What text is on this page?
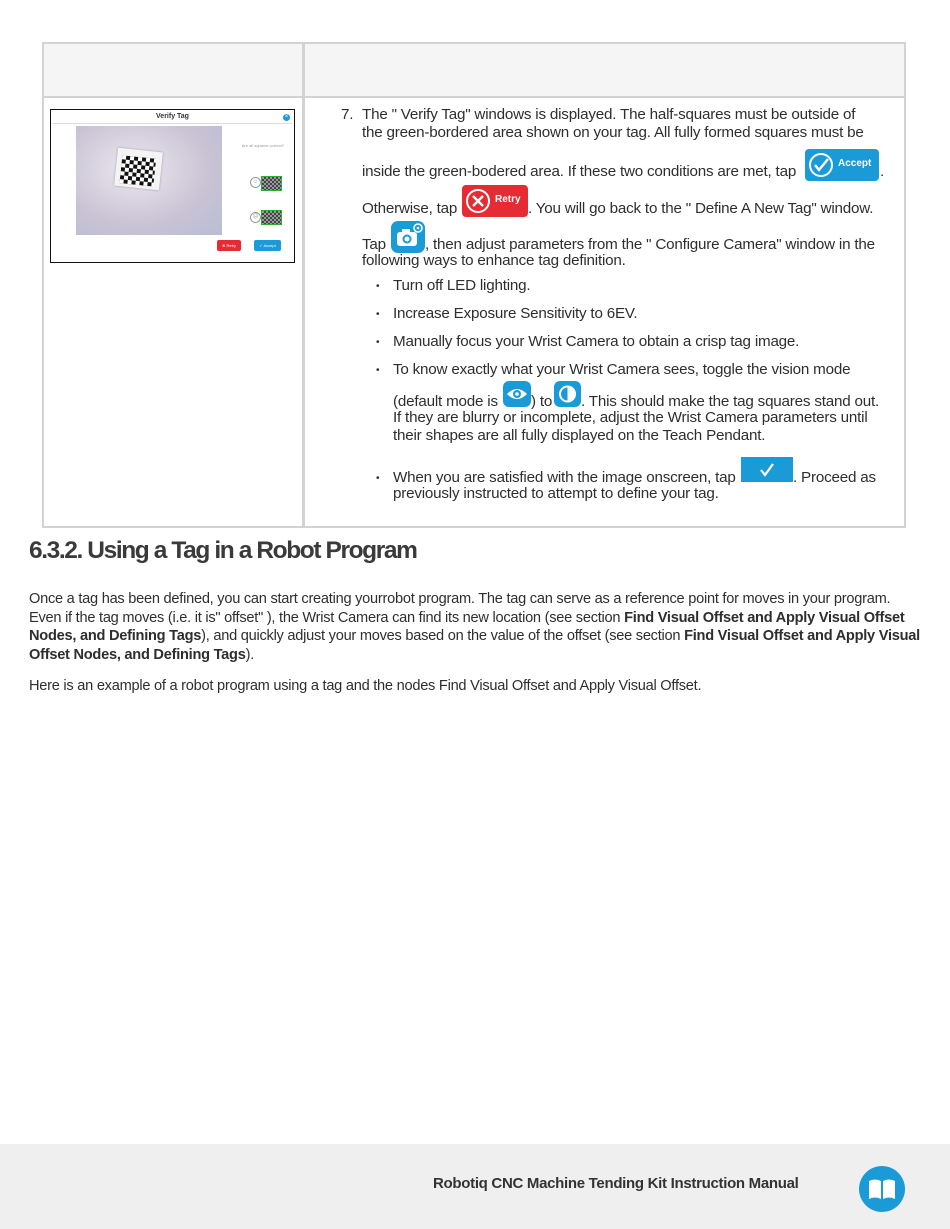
Verify Tag	×
Are all squares correct?
☺
☹
⊗ Retry	✓ Accept
7. The " Verify Tag" windows is displayed. The half-squares must be outside of
the green-bordered area shown on your tag. All fully formed squares must be
inside the green-bodered area. If these two conditions are met, tap	Accept .
Otherwise, tap
Retry
. You will go back to the " Define A New Tag" window.
Tap	, then adjust parameters from the " Configure Camera" window in the
following ways to enhance tag definition.
• Turn off LED lighting.
• Increase Exposure Sensitivity to 6EV.
• Manually focus your Wrist Camera to obtain a crisp tag image.
• To know exactly what your Wrist Camera sees, toggle the vision mode
(default mode is ) to . This should make the tag squares stand out.
If they are blurry or incomplete, adjust the Wrist Camera parameters until
their shapes are all fully displayed on the Teach Pendant.
• When you are satisfied with the image onscreen, tap	. Proceed as
previously instructed to attempt to define your tag.
6.3.2. Using a Tag in a Robot Program

Once a tag has been defined, you can start creating yourrobot program. The tag can serve as a reference point for moves in your program. Even if the tag moves (i.e. it is" offset" ), the Wrist Camera can find its new location (see section Find Visual Offset and Apply Visual Offset Nodes, and Defining Tags), and quickly adjust your moves based on the value of the offset (see section Find Visual Offset and Apply Visual Offset Nodes, and Defining Tags).

Here is an example of a robot program using a tag and the nodes Find Visual Offset and Apply Visual Offset.

Robotiq CNC Machine Tending Kit Instruction Manual
